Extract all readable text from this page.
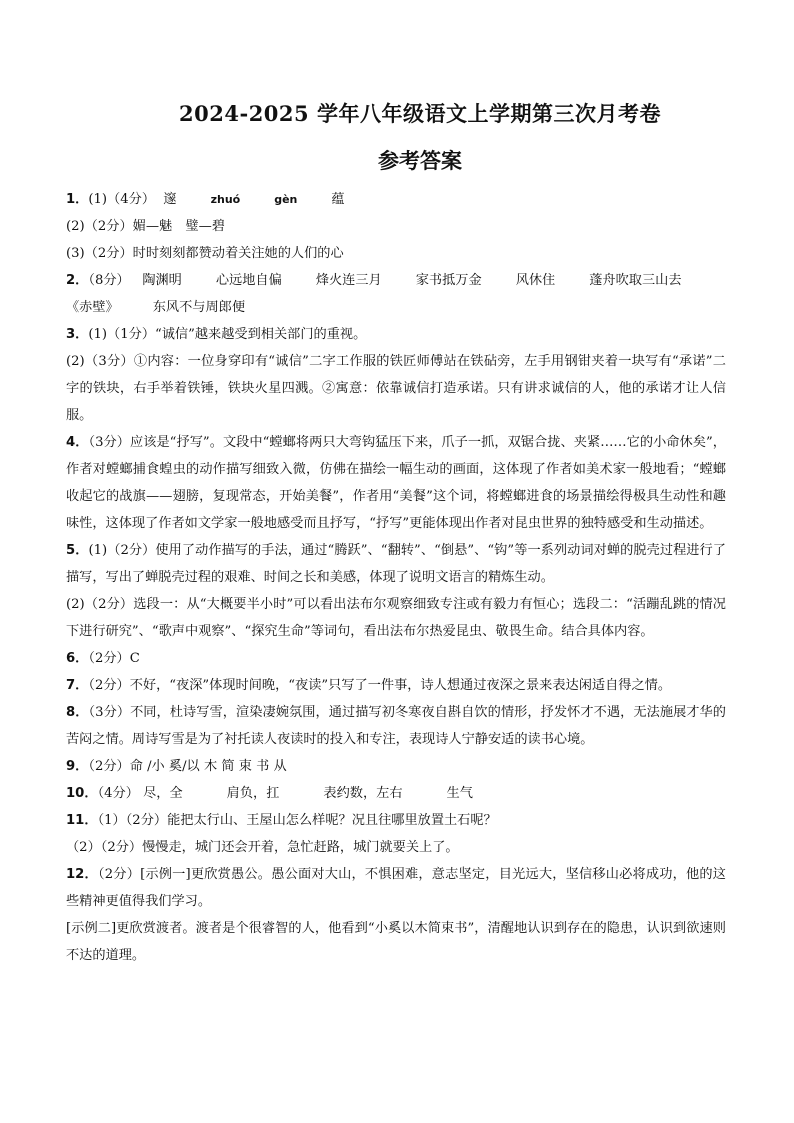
2024-2025 学年八年级语文上学期第三次月考卷
参考答案

1．(1)（4分） 邃	zhuó	gèn	蕴

(2)（2分）媚—魅　璧—碧

(3)（2分）时时刻刻都赞动着关注她的人们的心

2．（8分） 陶渊明	心远地自偏	烽火连三月	家书抵万金	风休住	蓬舟吹取三山去
《赤壁》	东风不与周郎便

3．(1)（1分）“诚信”越来越受到相关部门的重视。

(2)（3分）①内容：一位身穿印有“诚信”二字工作服的铁匠师傅站在铁砧旁，左手用钢钳夹着一块写有“承诺”二字的铁块，右手举着铁锤，铁块火星四溅。②寓意：依靠诚信打造承诺。只有讲求诚信的人，他的承诺才让人信服。

4．（3分）应该是“抒写”。文段中“螳螂将两只大弯钩猛压下来，爪子一抓，双锯合拢、夹紧……它的小命休矣”，作者对螳螂捕食蝗虫的动作描写细致入微，仿佛在描绘一幅生动的画面，这体现了作者如美术家一般地看；“螳螂收起它的战旗——翅膀，复现常态，开始美餐”，作者用“美餐”这个词，将螳螂进食的场景描绘得极具生动性和趣味性，这体现了作者如文学家一般地感受而且抒写，“抒写”更能体现出作者对昆虫世界的独特感受和生动描述。

5．(1)（2分）使用了动作描写的手法，通过“腾跃”、“翻转”、“倒悬”、“钩”等一系列动词对蝉的脱壳过程进行了描写，写出了蝉脱壳过程的艰难、时间之长和美感，体现了说明文语言的精炼生动。

(2)（2分）选段一：从“大概要半小时”可以看出法布尔观察细致专注或有毅力有恒心；选段二：“活蹦乱跳的情况下进行研究”、“歌声中观察”、“探究生命”等词句，看出法布尔热爱昆虫、敬畏生命。结合具体内容。

6．（2分）C

7．（2分）不好，“夜深”体现时间晚，“夜读”只写了一件事，诗人想通过夜深之景来表达闲适自得之情。

8．（3分）不同，杜诗写雪，渲染凄婉氛围，通过描写初冬寒夜自斟自饮的情形，抒发怀才不遇，无法施展才华的苦闷之情。周诗写雪是为了衬托读人夜读时的投入和专注，表现诗人宁静安适的读书心境。

9．（2分）命 /小 奚/以 木 简 束 书 从

10．（4分） 尽，全	肩负，扛	表约数，左右	生气

11．（1）（2分）能把太行山、王屋山怎么样呢？况且往哪里放置土石呢？

（2）（2分）慢慢走，城门还会开着，急忙赶路，城门就要关上了。

12．（2分）[示例一]更欣赏愚公。愚公面对大山，不惧困难，意志坚定，目光远大，坚信移山必将成功，他的这些精神更值得我们学习。

[示例二]更欣赏渡者。渡者是个很睿智的人，他看到“小奚以木简束书”，清醒地认识到存在的隐患，认识到欲速则不达的道理。
